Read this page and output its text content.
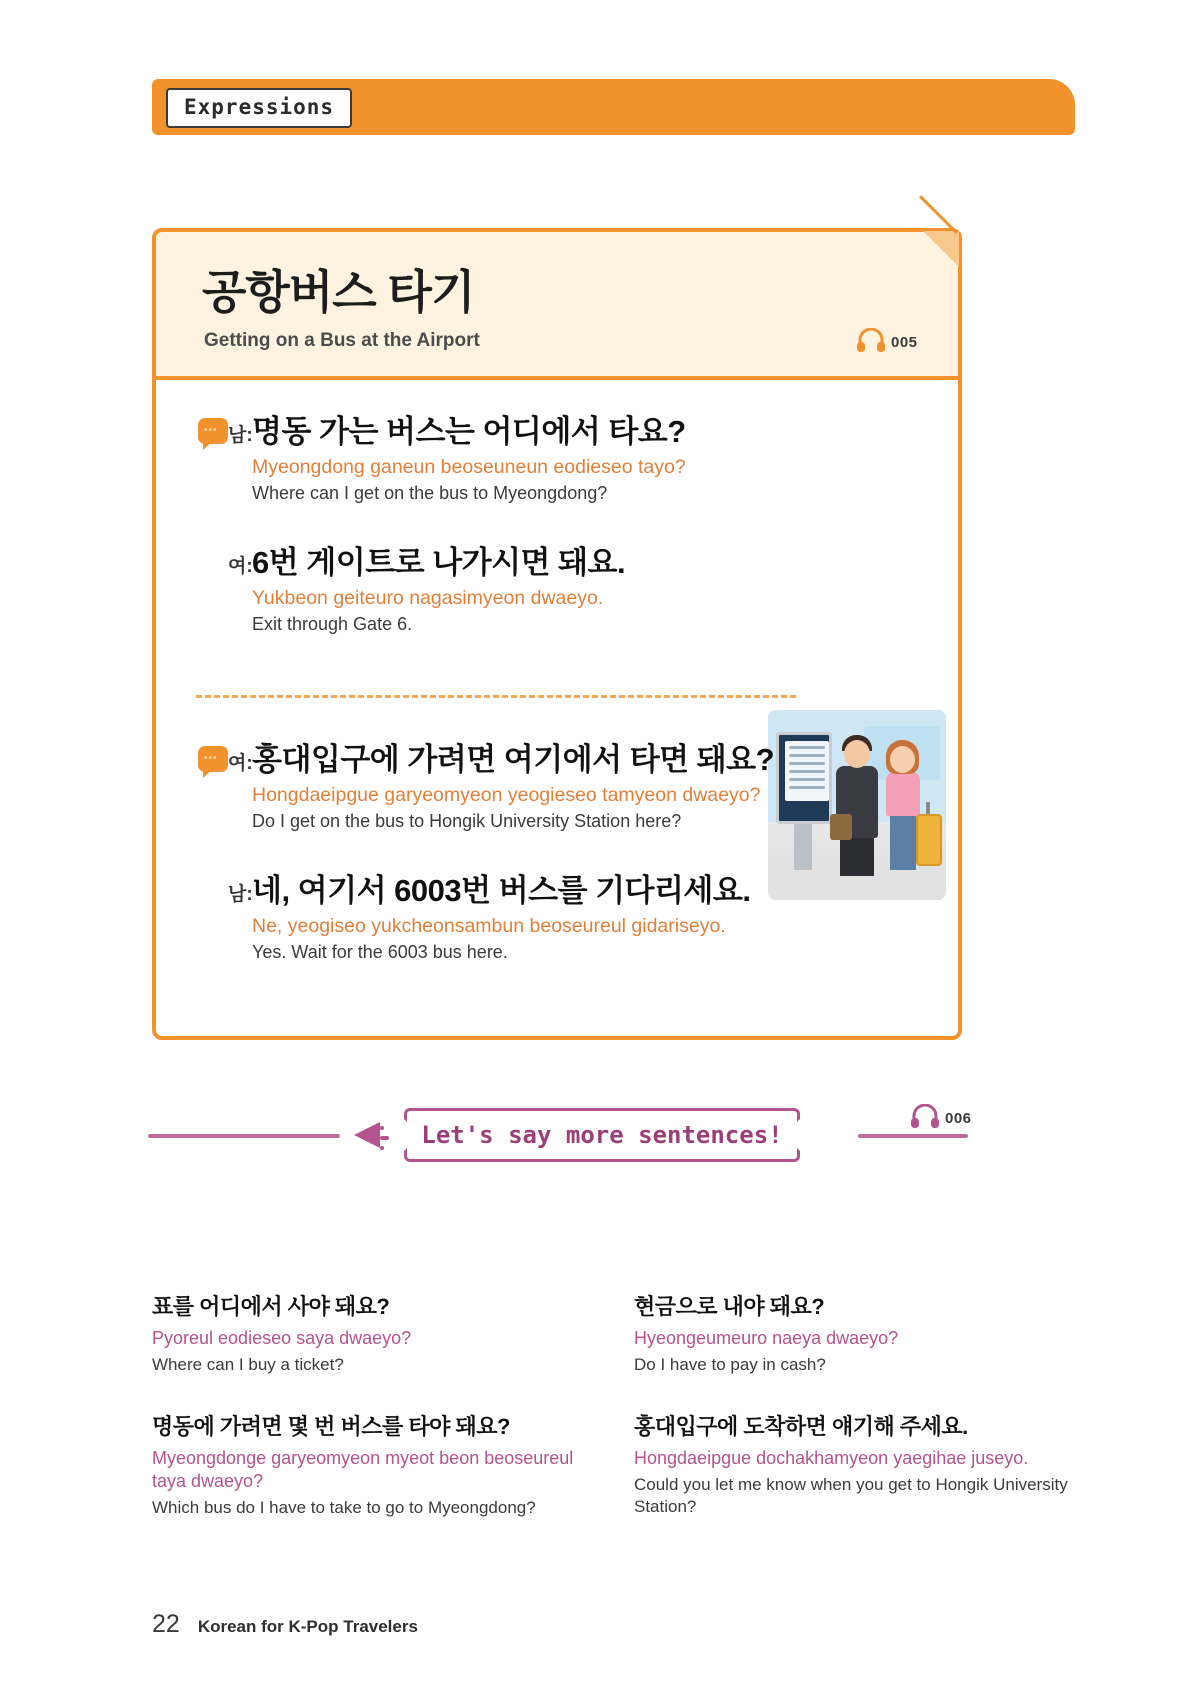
Expressions
공항버스 타기
Getting on a Bus at the Airport	005
••• 남: 명동 가는 버스는 어디에서 타요?
Myeongdong ganeun beoseuneun eodieseo tayo?
Where can I get on the bus to Myeongdong?
여: 6번 게이트로 나가시면 돼요.
Yukbeon geiteuro nagasimyeon dwaeyo.
Exit through Gate 6.
••• 여: 홍대입구에 가려면 여기에서 타면 돼요?
Hongdaeipgue garyeomyeon yeogieseo tamyeon dwaeyo?
Do I get on the bus to Hongik University Station here?
남: 네, 여기서 6003번 버스를 기다리세요.
Ne, yeogiseo yukcheonsambun beoseureul gidariseyo.
Yes. Wait for the 6003 bus here.
Let's say more sentences!
006
표를 어디에서 사야 돼요?
Pyoreul eodieseo saya dwaeyo?
Where can I buy a ticket?
현금으로 내야 돼요?
Hyeongeumeuro naeya dwaeyo?
Do I have to pay in cash?
명동에 가려면 몇 번 버스를 타야 돼요?
Myeongdonge garyeomyeon myeot beon beoseureul taya dwaeyo?
Which bus do I have to take to go to Myeongdong?
홍대입구에 도착하면 얘기해 주세요.
Hongdaeipgue dochakhamyeon yaegihae juseyo.
Could you let me know when you get to Hongik University Station?
22 Korean for K-Pop Travelers
